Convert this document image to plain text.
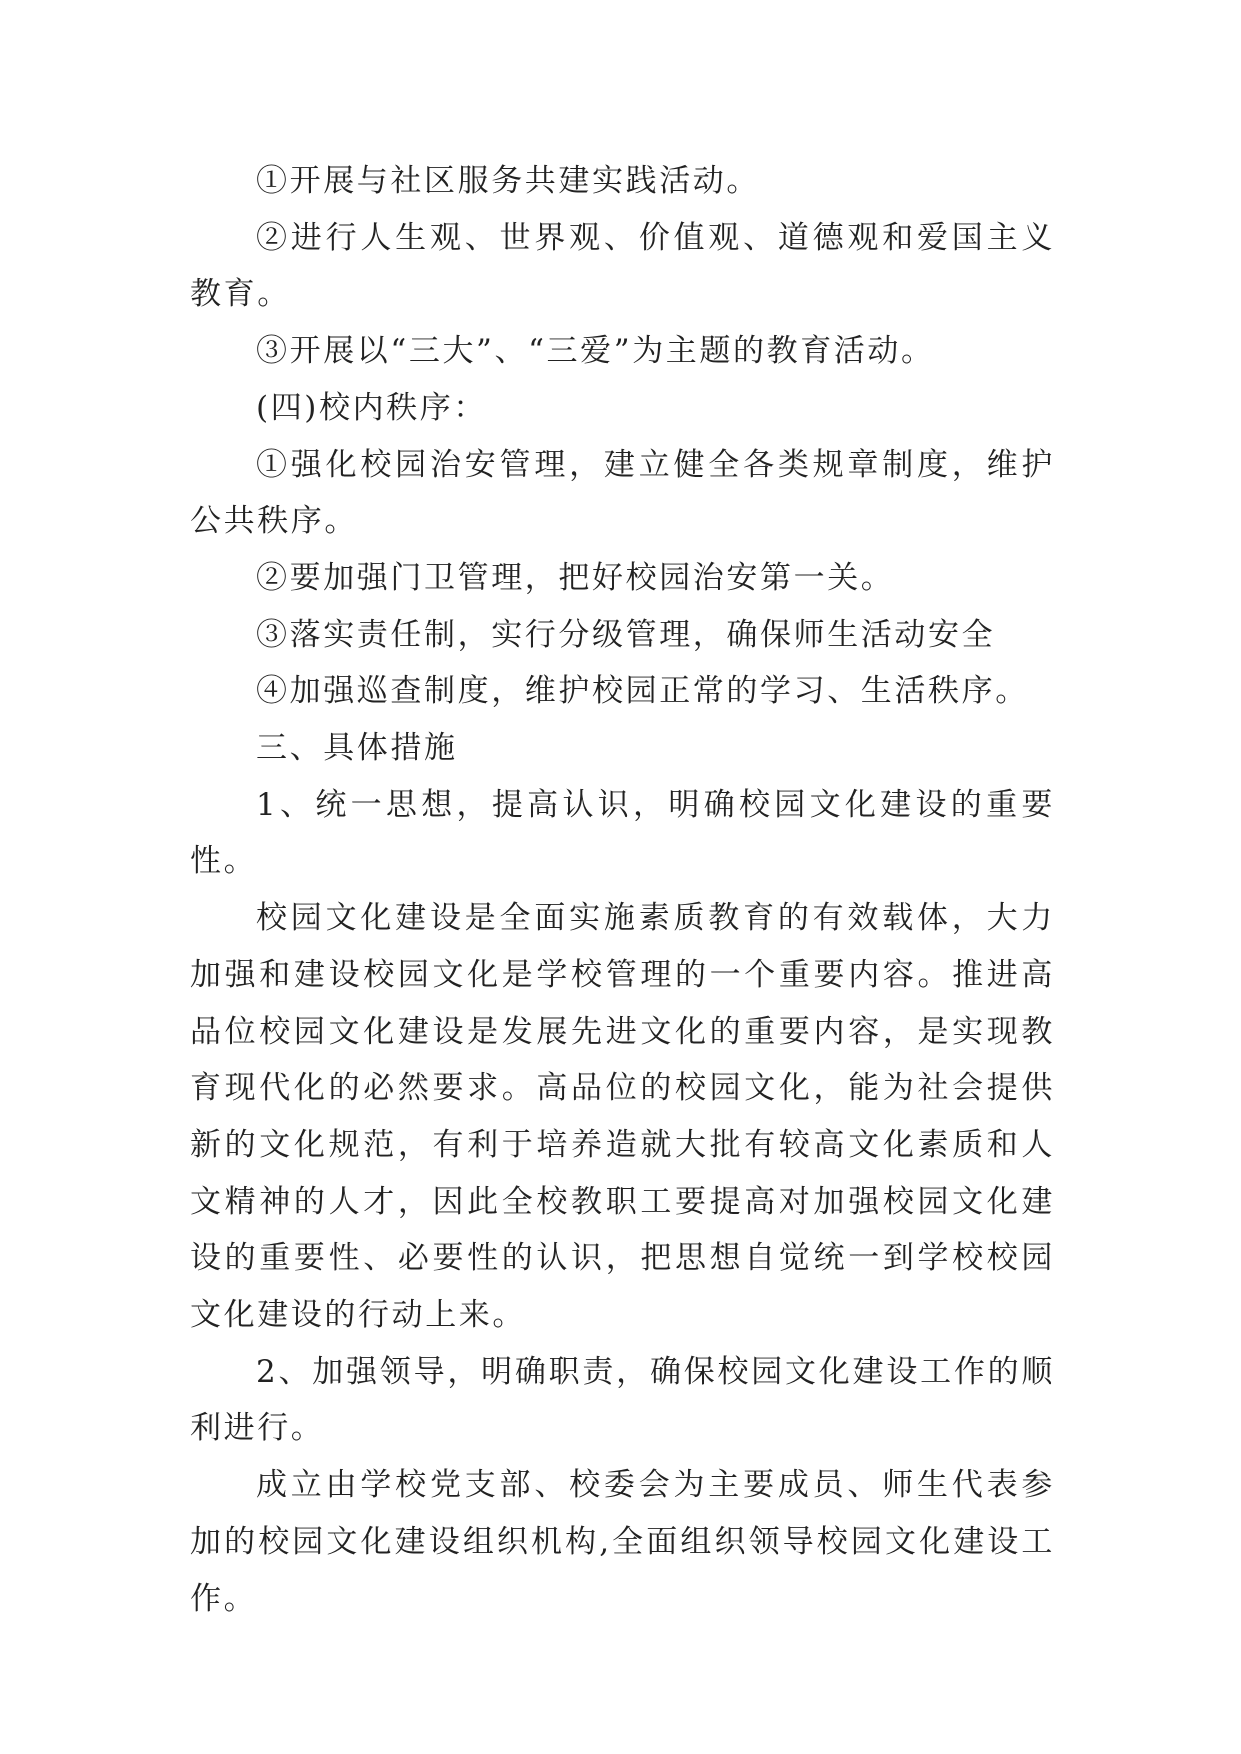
①开展与社区服务共建实践活动。

②进行人生观、世界观、价值观、道德观和爱国主义教育。

③开展以“三大”、“三爱”为主题的教育活动。

(四)校内秩序：

①强化校园治安管理，建立健全各类规章制度，维护公共秩序。

②要加强门卫管理，把好校园治安第一关。

③落实责任制，实行分级管理，确保师生活动安全

④加强巡查制度，维护校园正常的学习、生活秩序。

三、具体措施

1、统一思想，提高认识，明确校园文化建设的重要性。

校园文化建设是全面实施素质教育的有效载体，大力加强和建设校园文化是学校管理的一个重要内容。推进高品位校园文化建设是发展先进文化的重要内容，是实现教育现代化的必然要求。高品位的校园文化，能为社会提供新的文化规范，有利于培养造就大批有较高文化素质和人文精神的人才，因此全校教职工要提高对加强校园文化建设的重要性、必要性的认识，把思想自觉统一到学校校园文化建设的行动上来。

2、加强领导，明确职责，确保校园文化建设工作的顺利进行。

成立由学校党支部、校委会为主要成员、师生代表参加的校园文化建设组织机构,全面组织领导校园文化建设工作。
